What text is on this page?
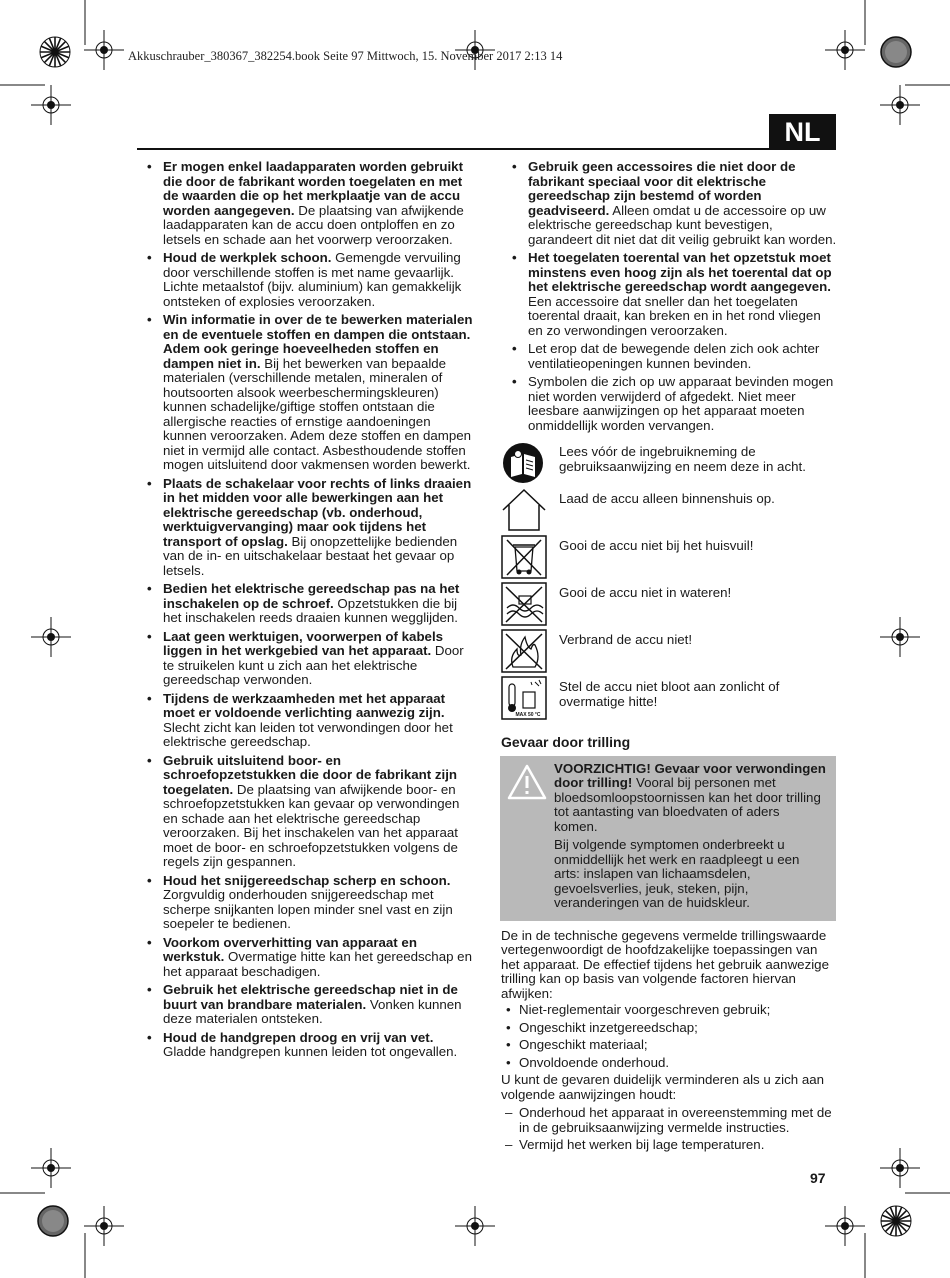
Akkuschrauber_380367_382254.book Seite 97 Mittwoch, 15. November 2017 2:13 14
NL
• Er mogen enkel laadapparaten worden gebruikt die door de fabrikant worden toegelaten en met de waarden die op het merkplaatje van de accu worden aangegeven. De plaatsing van afwijkende laadapparaten kan de accu doen ontploffen en zo letsels en schade aan het voorwerp veroorzaken.
• Houd de werkplek schoon. Gemengde vervuiling door verschillende stoffen is met name gevaarlijk. Lichte metaalstof (bijv. aluminium) kan gemakkelijk ontsteken of explosies veroorzaken.
• Win informatie in over de te bewerken materialen en de eventuele stoffen en dampen die ontstaan. Adem ook geringe hoeveelheden stoffen en dampen niet in. Bij het bewerken van bepaalde materialen (verschillende metalen, mineralen of houtsoorten alsook weerbeschermingskleuren) kunnen schadelijke/giftige stoffen ontstaan die allergische reacties of ernstige aandoeningen kunnen veroorzaken. Adem deze stoffen en dampen niet in vermijd alle contact. Asbesthoudende stoffen mogen uitsluitend door vakmensen worden bewerkt.
• Plaats de schakelaar voor rechts of links draaien in het midden voor alle bewerkingen aan het elektrische gereedschap (vb. onderhoud, werktuigvervanging) maar ook tijdens het transport of opslag. Bij onopzettelijke bedienden van de in- en uitschakelaar bestaat het gevaar op letsels.
• Bedien het elektrische gereedschap pas na het inschakelen op de schroef. Opzetstukken die bij het inschakelen reeds draaien kunnen wegglijden.
• Laat geen werktuigen, voorwerpen of kabels liggen in het werkgebied van het apparaat. Door te struikelen kunt u zich aan het elektrische gereedschap verwonden.
• Tijdens de werkzaamheden met het apparaat moet er voldoende verlichting aanwezig zijn. Slecht zicht kan leiden tot verwondingen door het elektrische gereedschap.
• Gebruik uitsluitend boor- en schroefopzetstukken die door de fabrikant zijn toegelaten. De plaatsing van afwijkende boor- en schroefopzetstukken kan gevaar op verwondingen en schade aan het elektrische gereedschap veroorzaken. Bij het inschakelen van het apparaat moet de boor- en schroefopzetstukken volgens de regels zijn gespannen.
• Houd het snijgereedschap scherp en schoon. Zorgvuldig onderhouden snijgereedschap met scherpe snijkanten lopen minder snel vast en zijn soepeler te bedienen.
• Voorkom oververhitting van apparaat en werkstuk. Overmatige hitte kan het gereedschap en het apparaat beschadigen.
• Gebruik het elektrische gereedschap niet in de buurt van brandbare materialen. Vonken kunnen deze materialen ontsteken.
• Houd de handgrepen droog en vrij van vet. Gladde handgrepen kunnen leiden tot ongevallen.
• Gebruik geen accessoires die niet door de fabrikant speciaal voor dit elektrische gereedschap zijn bestemd of worden geadviseerd. Alleen omdat u de accessoire op uw elektrische gereedschap kunt bevestigen, garandeert dit niet dat dit veilig gebruikt kan worden.
• Het toegelaten toerental van het opzetstuk moet minstens even hoog zijn als het toerental dat op het elektrische gereedschap wordt aangegeven. Een accessoire dat sneller dan het toegelaten toerental draait, kan breken en in het rond vliegen en zo verwondingen veroorzaken.
• Let erop dat de bewegende delen zich ook achter ventilatieopeningen kunnen bevinden.
• Symbolen die zich op uw apparaat bevinden mogen niet worden verwijderd of afgedekt. Niet meer leesbare aanwijzingen op het apparaat moeten onmiddellijk worden vervangen.
Lees vóór de ingebruikneming de gebruiksaanwijzing en neem deze in acht.
Laad de accu alleen binnenshuis op.
Gooi de accu niet bij het huisvuil!
Gooi de accu niet in wateren!
Verbrand de accu niet!
MAX 50 °C
Stel de accu niet bloot aan zonlicht of overmatige hitte!
Gevaar door trilling

VOORZICHTIG! Gevaar voor verwondingen door trilling! Vooral bij personen met bloedsomloopstoornissen kan het door trilling tot aantasting van bloedvaten of aders komen.

Bij volgende symptomen onderbreekt u onmiddellijk het werk en raadpleegt u een arts: inslapen van lichaamsdelen, gevoelsverlies, jeuk, steken, pijn, veranderingen van de huidskleur.

De in de technische gegevens vermelde trillingswaarde vertegenwoordigt de hoofdzakelijke toepassingen van het apparaat. De effectief tijdens het gebruik aanwezige trilling kan op basis van volgende factoren hiervan afwijken:
• Niet-reglementair voorgeschreven gebruik;
• Ongeschikt inzetgereedschap;
• Ongeschikt materiaal;
• Onvoldoende onderhoud.
U kunt de gevaren duidelijk verminderen als u zich aan volgende aanwijzingen houdt:
– Onderhoud het apparaat in overeenstemming met de in de gebruiksaanwijzing vermelde instructies.
– Vermijd het werken bij lage temperaturen.
97
